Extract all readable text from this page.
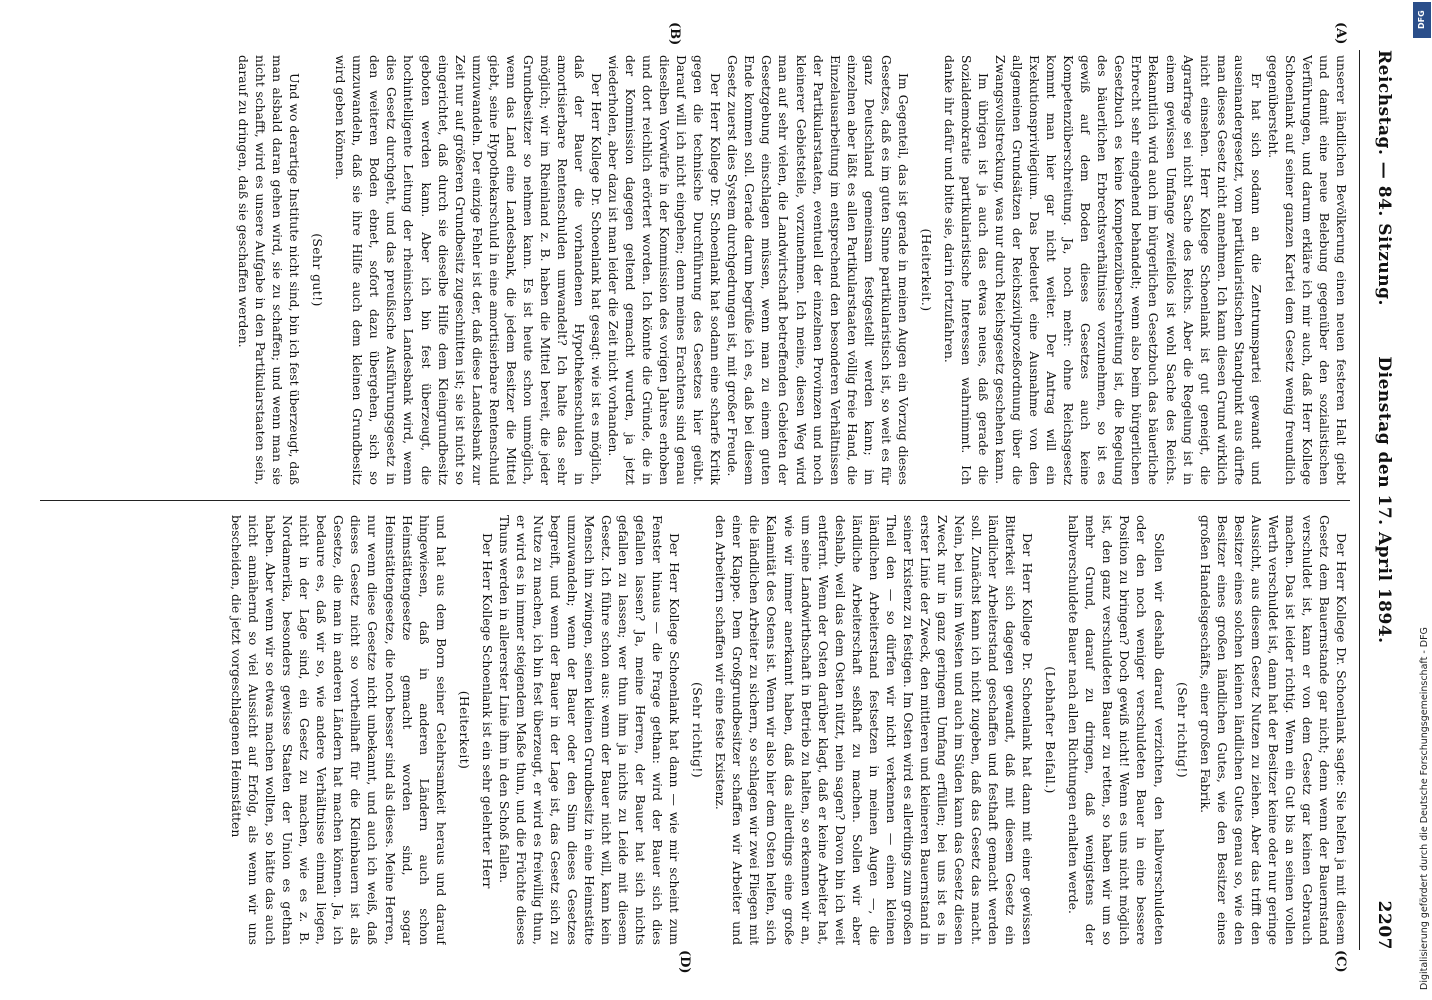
Reichstag. — 84. Sitzung.
Dienstag den 17. April 1894.
2207
(A)
(B)
(C)
(D)

unserer ländlichen Bevölkerung einen neuen festeren Halt giebt und damit eine neue Belebung gegenüber den sozialistischen Verführungen, und darum erkläre ich mir auch, daß Herr Kollege Schoenlank auf seiner ganzen Kartei dem Gesetz wenig freundlich gegenübersteht.

Er hat sich sodann an die Zentrumspartei gewandt und auseinandergesetzt, vom partikularistischen Standpunkt aus dürfte man dieses Gesetz nicht annehmen. Ich kann diesen Grund wirklich nicht einsehen. Herr Kollege Schoenlank ist gut geneigt, die Agrarfrage sei nicht Sache des Reichs. Aber die Regelung ist in einem gewissen Umfange zweifellos ist wohl Sache des Reichs. Bekanntlich wird auch im bürgerlichen Gesetzbuch das bäuerliche Erbrecht sehr eingehend behandelt; wenn also beim bürgerlichen Gesetzbuch es keine Kompetenzüberschreitung ist, die Regelung des bäuerlichen Erbrechtsverhältnisse vorzunehmen, so ist es gewiß auf dem Boden dieses Gesetzes auch keine Kompetenzüberschreitung. Ja, noch mehr: ohne Reichsgesetz kommt man hier gar nicht weiter. Der Antrag will ein Exekutionsprivilegium. Das bedeutet eine Ausnahme von den allgemeinen Grundsätzen der Reichszivilprozeßordnung über die Zwangsvollstreckung, was nur durch Reichsgesetz geschehen kann.

Im übrigen ist ja auch das etwas neues, daß gerade die Sozialdemokratie partikularistische Interessen wahrnimmt. Ich danke ihr dafür und bitte sie, darin fortzufahren.

(Heiterkeit.)

Im Gegenteil, das ist gerade in meinen Augen ein Vorzug dieses Gesetzes, daß es im guten Sinne partikularistisch ist, so weit es für ganz Deutschland gemeinsam festgestellt werden kann; im einzelnen aber läßt es allen Partikularstaaten völlig freie Hand, die Einzelausarbeitung im entsprechend den besonderen Verhältnissen der Partikularstaaten, eventuell der einzelnen Provinzen und noch kleinerer Gebietsteile, vorzunehmen. Ich meine, diesen Weg wird man auf sehr vielen, die Landwirtschaft betreffenden Gebieten der Gesetzgebung einschlagen müssen, wenn man zu einem guten Ende kommen soll. Gerade darum begrüße ich es, daß bei diesem Gesetz zuerst dies System durchgedrungen ist, mit großer Freude.

Der Herr Kollege Dr. Schoenlank hat sodann eine scharfe Kritik gegen die technische Durchführung des Gesetzes hier geübt. Darauf will ich nicht eingehen; denn meines Erachtens sind genau dieselben Vorwürfe in der Kommission des vorigen Jahres erhoben und dort reichlich erörtert worden. Ich könnte die Gründe, die in der Kommission dagegen geltend gemacht wurden, ja jetzt wiederholen, aber dazu ist man leider die Zeit nicht vorhanden.

Der Herr Kollege Dr. Schoenlank hat gesagt: wie ist es möglich, daß der Bauer die vorhandenen Hypothekenschulden in amortisierbare Rentenschulden umwandelt? Ich halte das sehr möglich; wir im Rheinland z. B. haben die Mittel bereit, die jeder Grundbesitzer so nehmen kann. Es ist heute schon unmöglich, wenn das Land eine Landesbank, die jedem Besitzer die Mittel giebt, seine Hypothekarschuld in eine amortisierbare Rentenschuld umzuwandeln. Der einzige Fehler ist der, daß diese Landesbank zur Zeit nur auf größeren Grundbesitz zugeschnitten ist; sie ist nicht so eingerichtet, daß durch sie dieselbe Hilfe dem Kleingrundbesitz geboten werden kann. Aber ich bin fest überzeugt, die hochintelligente Leitung der rheinischen Landesbank wird, wenn dies Gesetz durchgeht, und das preußische Ausführungsgesetz in den weiteren Boden ebnet, sofort dazu übergehen, sich so umzuwandeln, daß sie ihre Hilfe auch dem kleinen Grundbesitz wird geben können.

(Sehr gut!)

Und wo derartige Institute nicht sind, bin ich fest überzeugt, daß man alsbald daran gehen wird, sie zu schaffen; und wenn man sie nicht schafft, wird es unsere Aufgabe in den Partikularstaaten sein, darauf zu dringen, daß sie geschaffen werden.

Der Herr Kollege Dr. Schoenlank sagte: Sie helfen ja mit diesem Gesetz dem Bauernstande gar nicht; denn wenn der Bauernstand verschuldet ist, kann er von dem Gesetz gar keinen Gebrauch machen. Das ist leider richtig. Wenn ein Gut bis an seinen vollen Werth verschuldet ist, dann hat der Besitzer keine oder nur geringe Aussicht, aus diesem Gesetz Nutzen zu ziehen. Aber das trifft den Besitzer eines solchen kleinen ländlichen Gutes genau so, wie den Besitzer eines großen ländlichen Gutes, wie den Besitzer eines großen Handelsgeschäfts, einer großen Fabrik.

(Sehr richtig!)

Sollen wir deshalb darauf verzichten, den halbverschuldeten oder den noch weniger verschuldeten Bauer in eine bessere Position zu bringen? Doch gewiß nicht! Wenn es uns nicht möglich ist, den ganz verschuldeten Bauer zu retten, so haben wir um so mehr Grund, darauf zu dringen, daß wenigstens der halbverschuldete Bauer nach allen Richtungen erhalten werde.

(Lebhafter Beifall.)

Der Herr Kollege Dr. Schoenlank hat dann mit einer gewissen Bitterkeit sich dagegen gewandt, daß mit diesem Gesetz ein ländlicher Arbeiterstand geschaffen und festhaft gemacht werden soll. Zunächst kann ich nicht zugeben, daß das Gesetz das macht. Nein, bei uns im Westen und auch im Süden kann das Gesetz diesen Zweck nur in ganz geringem Umfang erfüllen; bei uns ist es in erster Linie der Zweck, den mittleren und kleineren Bauernstand in seiner Existenz zu festigen. Im Osten wird es allerdings zum großen Theil den — so dürfen wir nicht verkennen — einen kleinen ländlichen Arbeiterstand festsetzen in meinen Augen —, die ländliche Arbeiterschaft seßhaft zu machen. Sollen wir aber deshalb, weil das dem Osten nützt, nein sagen? Davon bin ich weit entfernt. Wenn der Osten darüber klagt, daß er keine Arbeiter hat, um seine Landwirthschaft in Betrieb zu halten, so erkennen wir an, wie wir immer anerkannt haben, daß das allerdings eine große Kalamität des Ostens ist. Wenn wir also hier dem Osten helfen, sich die ländlichen Arbeiter zu sichern, so schlagen wir zwei Fliegen mit einer Klappe. Dem Großgrundbesitzer schaffen wir Arbeiter und den Arbeitern schaffen wir eine feste Existenz.

(Sehr richtig!)

Der Herr Kollege Schoenlank hat dann — wie mir scheint zum Fenster hinaus — die Frage gethan: wird der Bauer sich dies gefallen lassen? Ja, meine Herren, der Bauer hat sich nichts gefallen zu lassen; wer thun ihm ja nichts zu Leide mit diesem Gesetz. Ich führe schon aus: wenn der Bauer nicht will, kann kein Mensch ihn zwingen, seinen kleinen Grundbesitz in eine Heimstätte umzuwandeln; wenn der Bauer oder den Sinn dieses Gesetzes begreift, und wenn der Bauer in der Lage ist, das Gesetz sich zu Nutze zu machen, ich bin fest überzeugt, er wird es freiwillig thun, er wird es in immer steigendem Maße thun, und die Früchte dieses Thuns werden in allererster Linie ihm in den Schoß fallen.

Der Herr Kollege Schoenlank ist ein sehr gelehrter Herr

(Heiterkeit)

und hat aus dem Born seiner Gelehrsamkeit heraus und darauf hingewiesen, daß in anderen Ländern auch schon Heimstättengesetze gemacht worden sind, sogar Heimstättengesetze, die noch besser sind als dieses. Meine Herren, nur wenn diese Gesetze nicht unbekannt, und auch ich weiß, daß dieses Gesetz nicht so vortheilhaft für die Kleinbauern ist als Gesetze, die man in anderen Ländern hat machen können. Ja, ich bedaure es, daß wir so, wie andere Verhältnisse einmal liegen, nicht in der Lage sind, ein Gesetz zu machen, wie es z. B. Nordamerika, besonders gewisse Staaten der Union es gethan haben. Aber wenn wir so etwas machen wollten, so hätte das auch nicht annähernd so viel Aussicht auf Erfolg, als wenn wir uns bescheiden, die jetzt vorgeschlagenen Heimstätten	Digitalisierung gefördert durch die Deutsche Forschungsgemeinschaft - DFG
DFG
